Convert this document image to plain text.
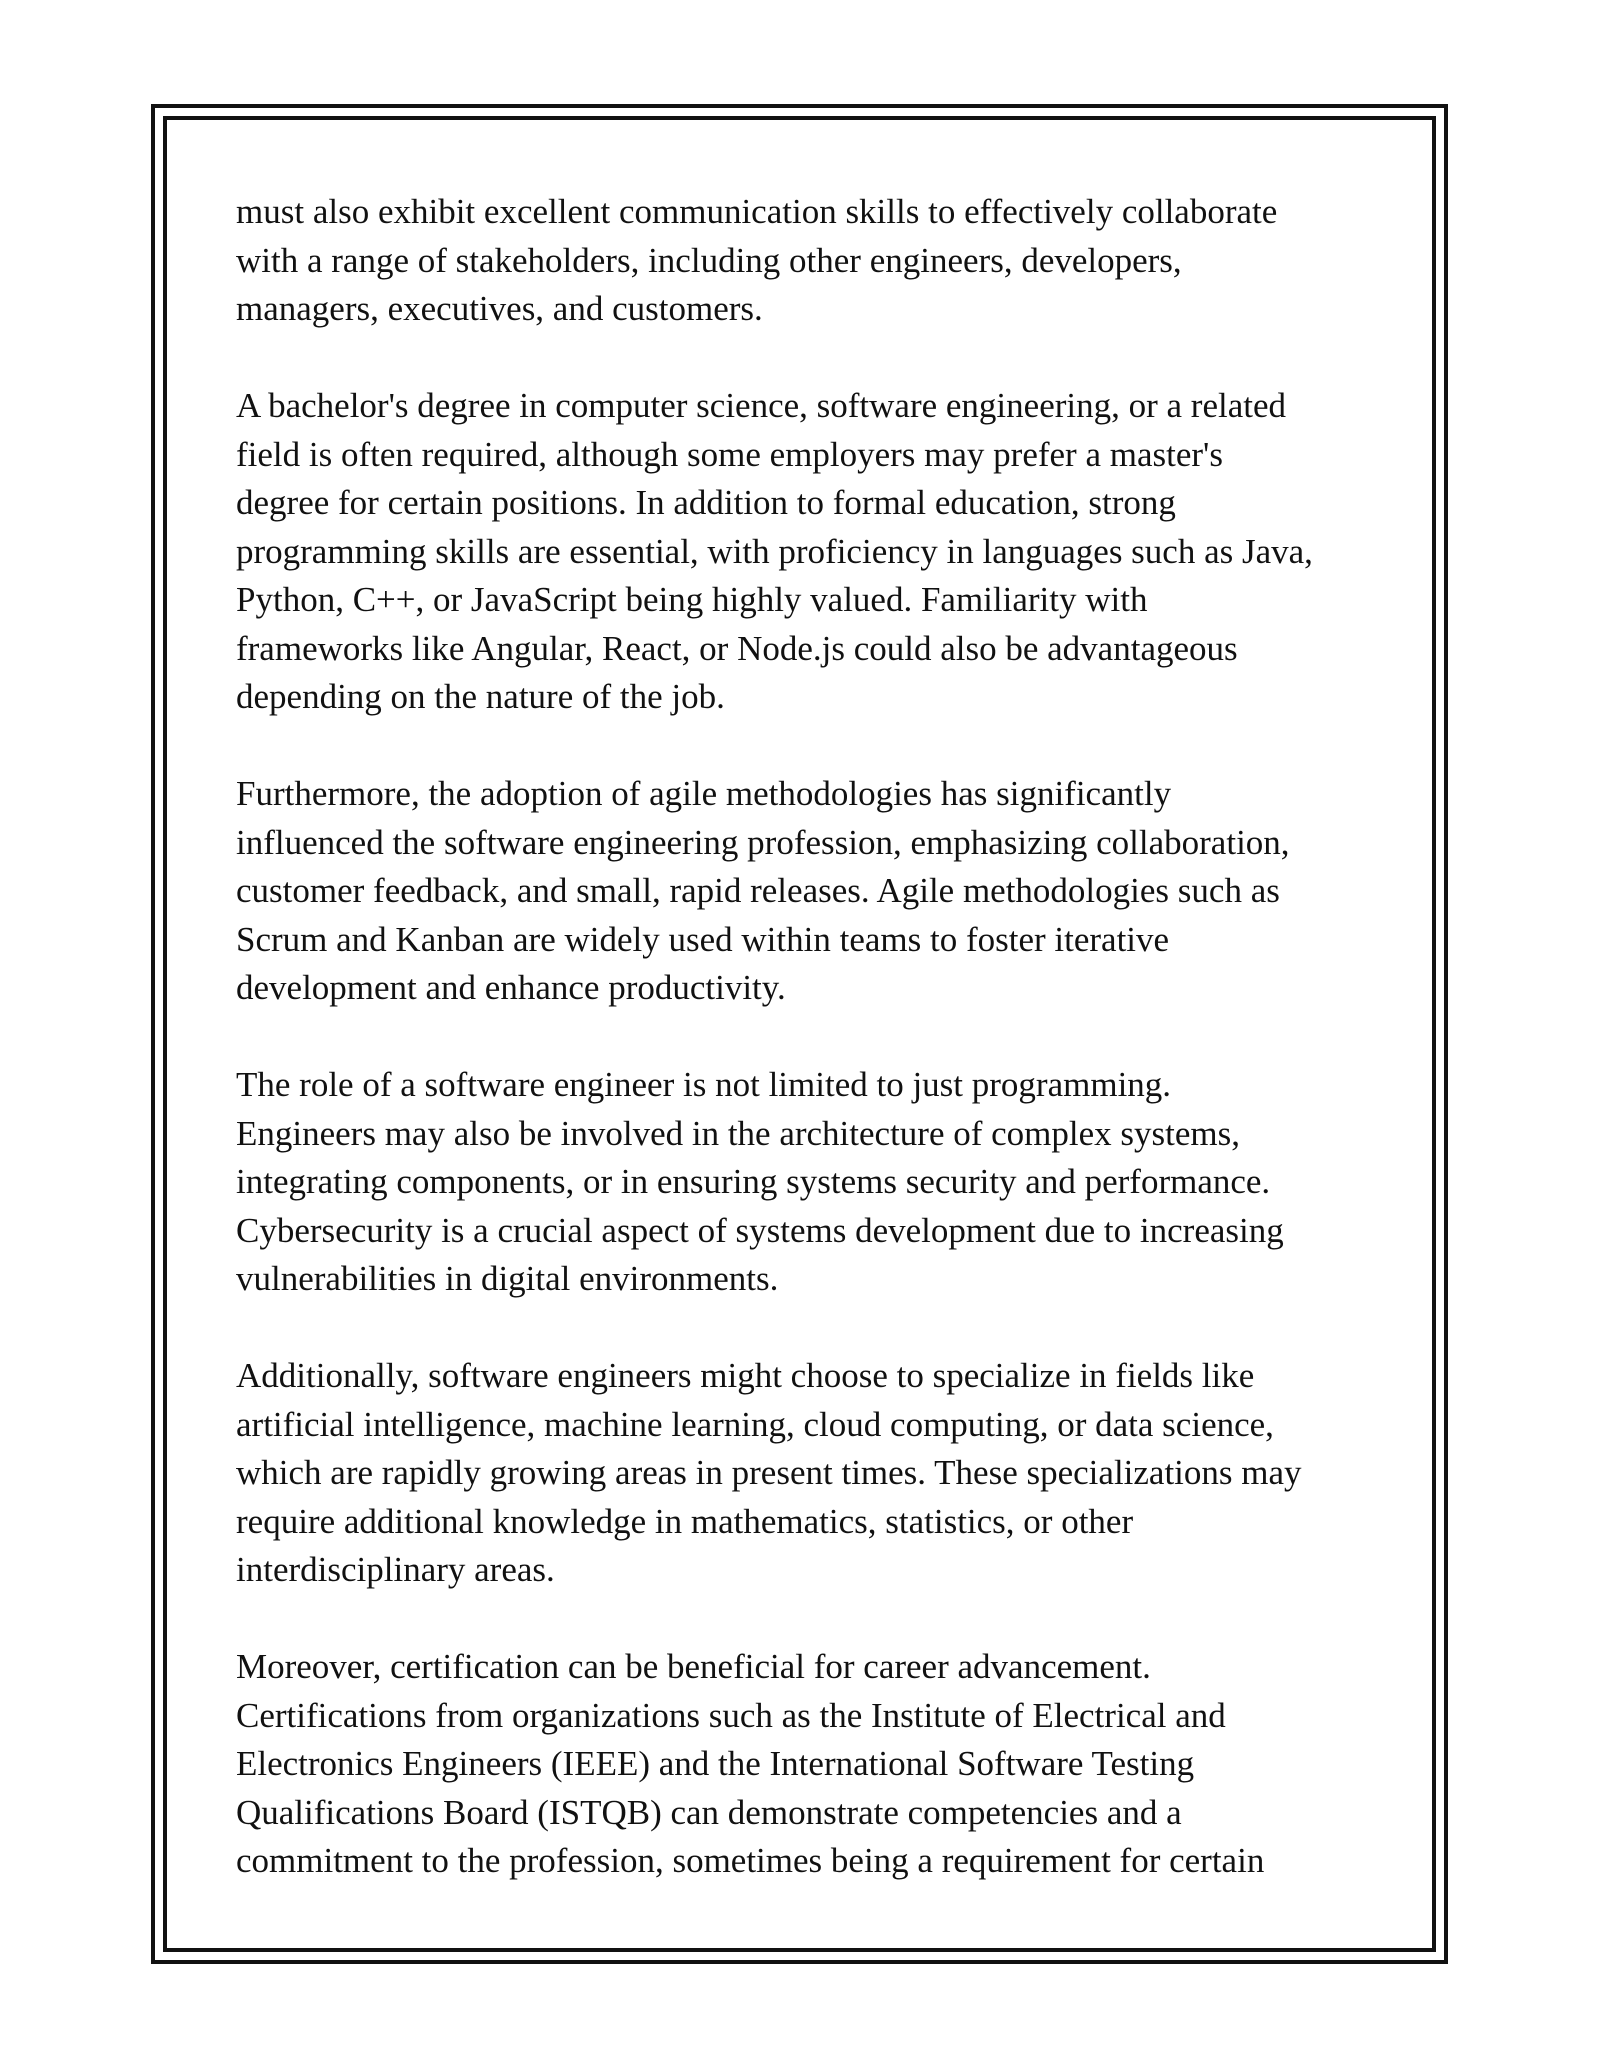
must also exhibit excellent communication skills to effectively collaborate
with a range of stakeholders, including other engineers, developers,
managers, executives, and customers.

A bachelor's degree in computer science, software engineering, or a related
field is often required, although some employers may prefer a master's
degree for certain positions. In addition to formal education, strong
programming skills are essential, with proficiency in languages such as Java,
Python, C++, or JavaScript being highly valued. Familiarity with
frameworks like Angular, React, or Node.js could also be advantageous
depending on the nature of the job.

Furthermore, the adoption of agile methodologies has significantly
influenced the software engineering profession, emphasizing collaboration,
customer feedback, and small, rapid releases. Agile methodologies such as
Scrum and Kanban are widely used within teams to foster iterative
development and enhance productivity.

The role of a software engineer is not limited to just programming.
Engineers may also be involved in the architecture of complex systems,
integrating components, or in ensuring systems security and performance.
Cybersecurity is a crucial aspect of systems development due to increasing
vulnerabilities in digital environments.

Additionally, software engineers might choose to specialize in fields like
artificial intelligence, machine learning, cloud computing, or data science,
which are rapidly growing areas in present times. These specializations may
require additional knowledge in mathematics, statistics, or other
interdisciplinary areas.

Moreover, certification can be beneficial for career advancement.
Certifications from organizations such as the Institute of Electrical and
Electronics Engineers (IEEE) and the International Software Testing
Qualifications Board (ISTQB) can demonstrate competencies and a
commitment to the profession, sometimes being a requirement for certain
